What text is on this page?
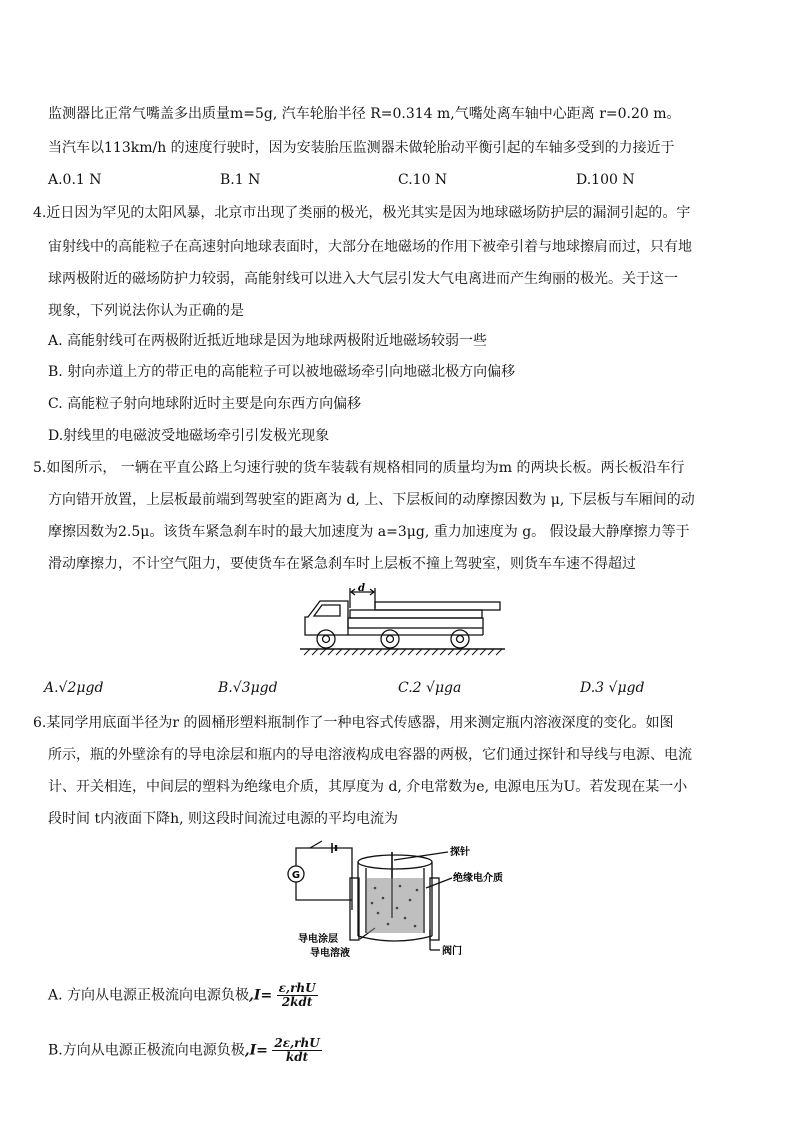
监测器比正常气嘴盖多出质量m=5g, 汽车轮胎半径 R=0.314 m,气嘴处离车轴中心距离 r=0.20 m。
当汽车以113km/h 的速度行驶时，因为安装胎压监测器未做轮胎动平衡引起的车轴多受到的力接近于
A.0.1 N	B.1 N	C.10 N	D.100 N
4.近日因为罕见的太阳风暴，北京市出现了类丽的极光，极光其实是因为地球磁场防护层的漏洞引起的。宇
宙射线中的高能粒子在高速射向地球表面时，大部分在地磁场的作用下被牵引着与地球擦肩而过，只有地
球两极附近的磁场防护力较弱，高能射线可以进入大气层引发大气电离进而产生绚丽的极光。关于这一
现象，下列说法你认为正确的是
A. 高能射线可在两极附近抵近地球是因为地球两极附近地磁场较弱一些
B. 射向赤道上方的带正电的高能粒子可以被地磁场牵引向地磁北极方向偏移
C. 高能粒子射向地球附近时主要是向东西方向偏移
D.射线里的电磁波受地磁场牵引引发极光现象
5.如图所示， 一辆在平直公路上匀速行驶的货车装载有规格相同的质量均为m 的两块长板。两长板沿车行
方向错开放置，上层板最前端到驾驶室的距离为 d, 上、下层板间的动摩擦因数为 μ, 下层板与车厢间的动
摩擦因数为2.5μ。该货车紧急刹车时的最大加速度为 a=3μg, 重力加速度为 g。 假设最大静摩擦力等于
滑动摩擦力，不计空气阻力，要使货车在紧急刹车时上层板不撞上驾驶室，则货车车速不得超过
d
A.√2μgd	B.√3μgd	C.2 √μga	D.3 √μgd
6.某同学用底面半径为r 的圆桶形塑料瓶制作了一种电容式传感器，用来测定瓶内溶液深度的变化。如图
所示，瓶的外壁涂有的导电涂层和瓶内的导电溶液构成电容器的两极，它们通过探针和导线与电源、电流
计、开关相连，中间层的塑料为绝缘电介质，其厚度为 d, 介电常数为e, 电源电压为U。若发现在某一小
段时间 t内液面下降h, 则这段时间流过电源的平均电流为
G
探针
绝缘电介质
导电涂层
导电溶液	阀门
A. 方向从电源正极流向电源负极$,I= \frac{\text{ε,rhU}}{\text{2kdt}}$
B.方向从电源正极流向电源负极$,I= \frac{\text{2ε,rhU}}{\text{kdt}}$
